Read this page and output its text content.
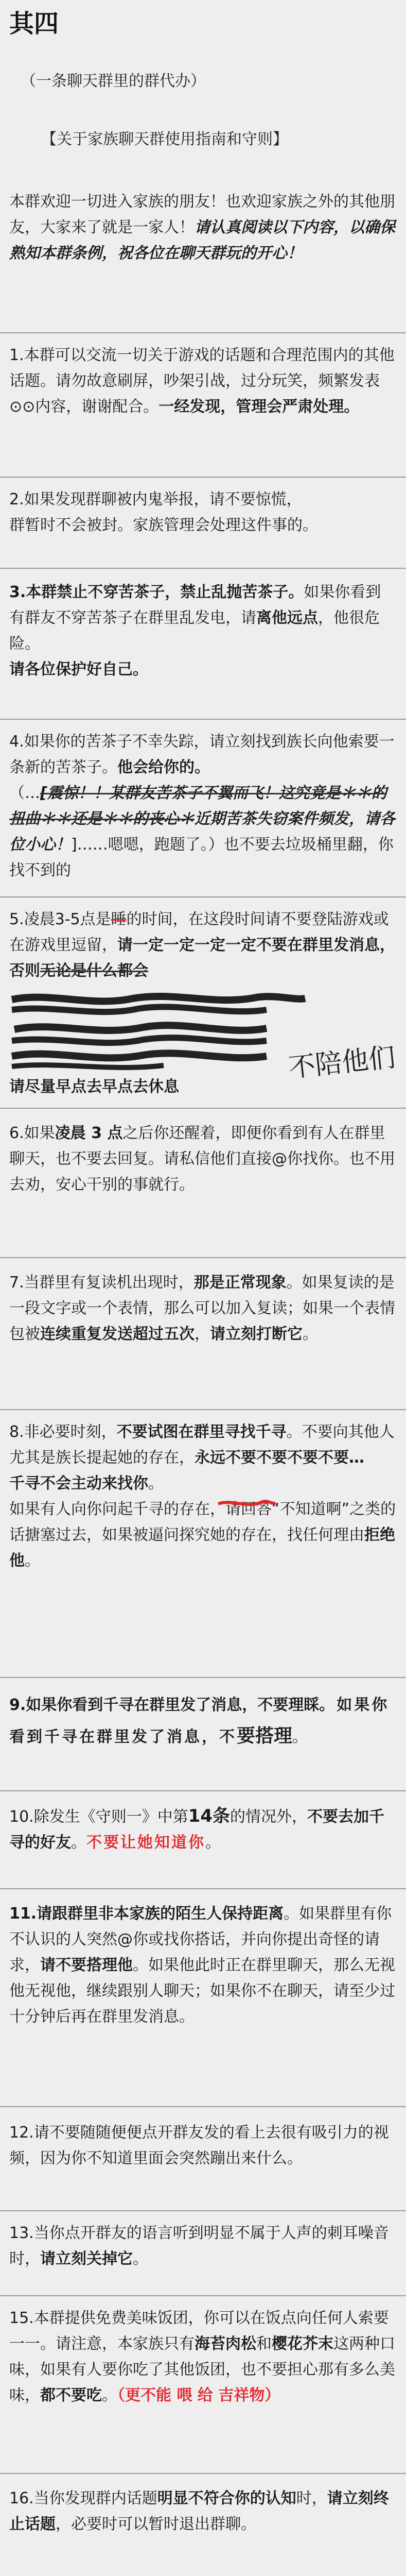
其四
（一条聊天群里的群代办）
【关于家族聊天群使用指南和守则】
本群欢迎一切进入家族的朋友！也欢迎家族之外的其他朋友，大家来了就是一家人！请认真阅读以下内容，以确保熟知本群条例，祝各位在聊天群玩的开心！
1.本群可以交流一切关于游戏的话题和合理范围内的其他话题。请勿故意刷屏，吵架引战，过分玩笑，频繁发表⊙⊙内容，谢谢配合。一经发现，管理会严肃处理。
2.如果发现群聊被内鬼举报，请不要惊慌，
群暂时不会被封。家族管理会处理这件事的。
3.本群禁止不穿苦茶子，禁止乱抛苦茶子。如果你看到有群友不穿苦茶子在群里乱发电，请离他远点，他很危险。
请各位保护好自己。
4.如果你的苦茶子不幸失踪，请立刻找到族长向他索要一条新的苦茶子。他会给你的。
（…[震惊！！某群友苦茶子不翼而飞！这究竟是＊＊的扭曲＊＊还是＊＊的丧心＊近期苦茶失窃案件频发，请各位小心！]……嗯嗯，跑题了。）也不要去垃圾桶里翻，你找不到的
5.凌晨3-5点是睡的时间，在这段时间请不要登陆游戏或在游戏里逗留，请一定一定一定一定不要在群里发消息，否则无论是什么都会
请尽量早点去早点去休息
不陪他们
6.如果凌晨 3 点之后你还醒着，即便你看到有人在群里聊天，也不要去回复。请私信他们直接@你找你。也不用去劝，安心干别的事就行。
7.当群里有复读机出现时，那是正常现象。如果复读的是一段文字或一个表情，那么可以加入复读；如果一个表情包被连续重复发送超过五次，请立刻打断它。
8.非必要时刻，不要试图在群里寻找千寻。不要向其他人尤其是族长提起她的存在，永远不要不要不要不要…
千寻不会主动来找你。
如果有人向你问起千寻的存在，请回答“不知道啊”之类的话搪塞过去，如果被逼问探究她的存在，找任何理由拒绝他。
9.如果你看到千寻在群里发了消息，不要理睬。如果你看到千寻在群里发了消息，不要搭理。
10.除发生《守则一》中第14条的情况外，不要去加千寻的好友。不要让她知道你。
11.请跟群里非本家族的陌生人保持距离。如果群里有你不认识的人突然@你或找你搭话，并向你提出奇怪的请求，请不要搭理他。如果他此时正在群里聊天，那么无视他无视他，继续跟别人聊天；如果你不在聊天，请至少过十分钟后再在群里发消息。
12.请不要随随便便点开群友发的看上去很有吸引力的视频，因为你不知道里面会突然蹦出来什么。
13.当你点开群友的语言听到明显不属于人声的刺耳噪音时，请立刻关掉它。
15.本群提供免费美味饭团，你可以在饭点向任何人索要一一。请注意，本家族只有海苔肉松和樱花芥末这两种口味，如果有人要你吃了其他饭团，也不要担心那有多么美味，都不要吃。（更不能 喂 给 吉祥物）
16.当你发现群内话题明显不符合你的认知时，请立刻终止话题，必要时可以暂时退出群聊。
